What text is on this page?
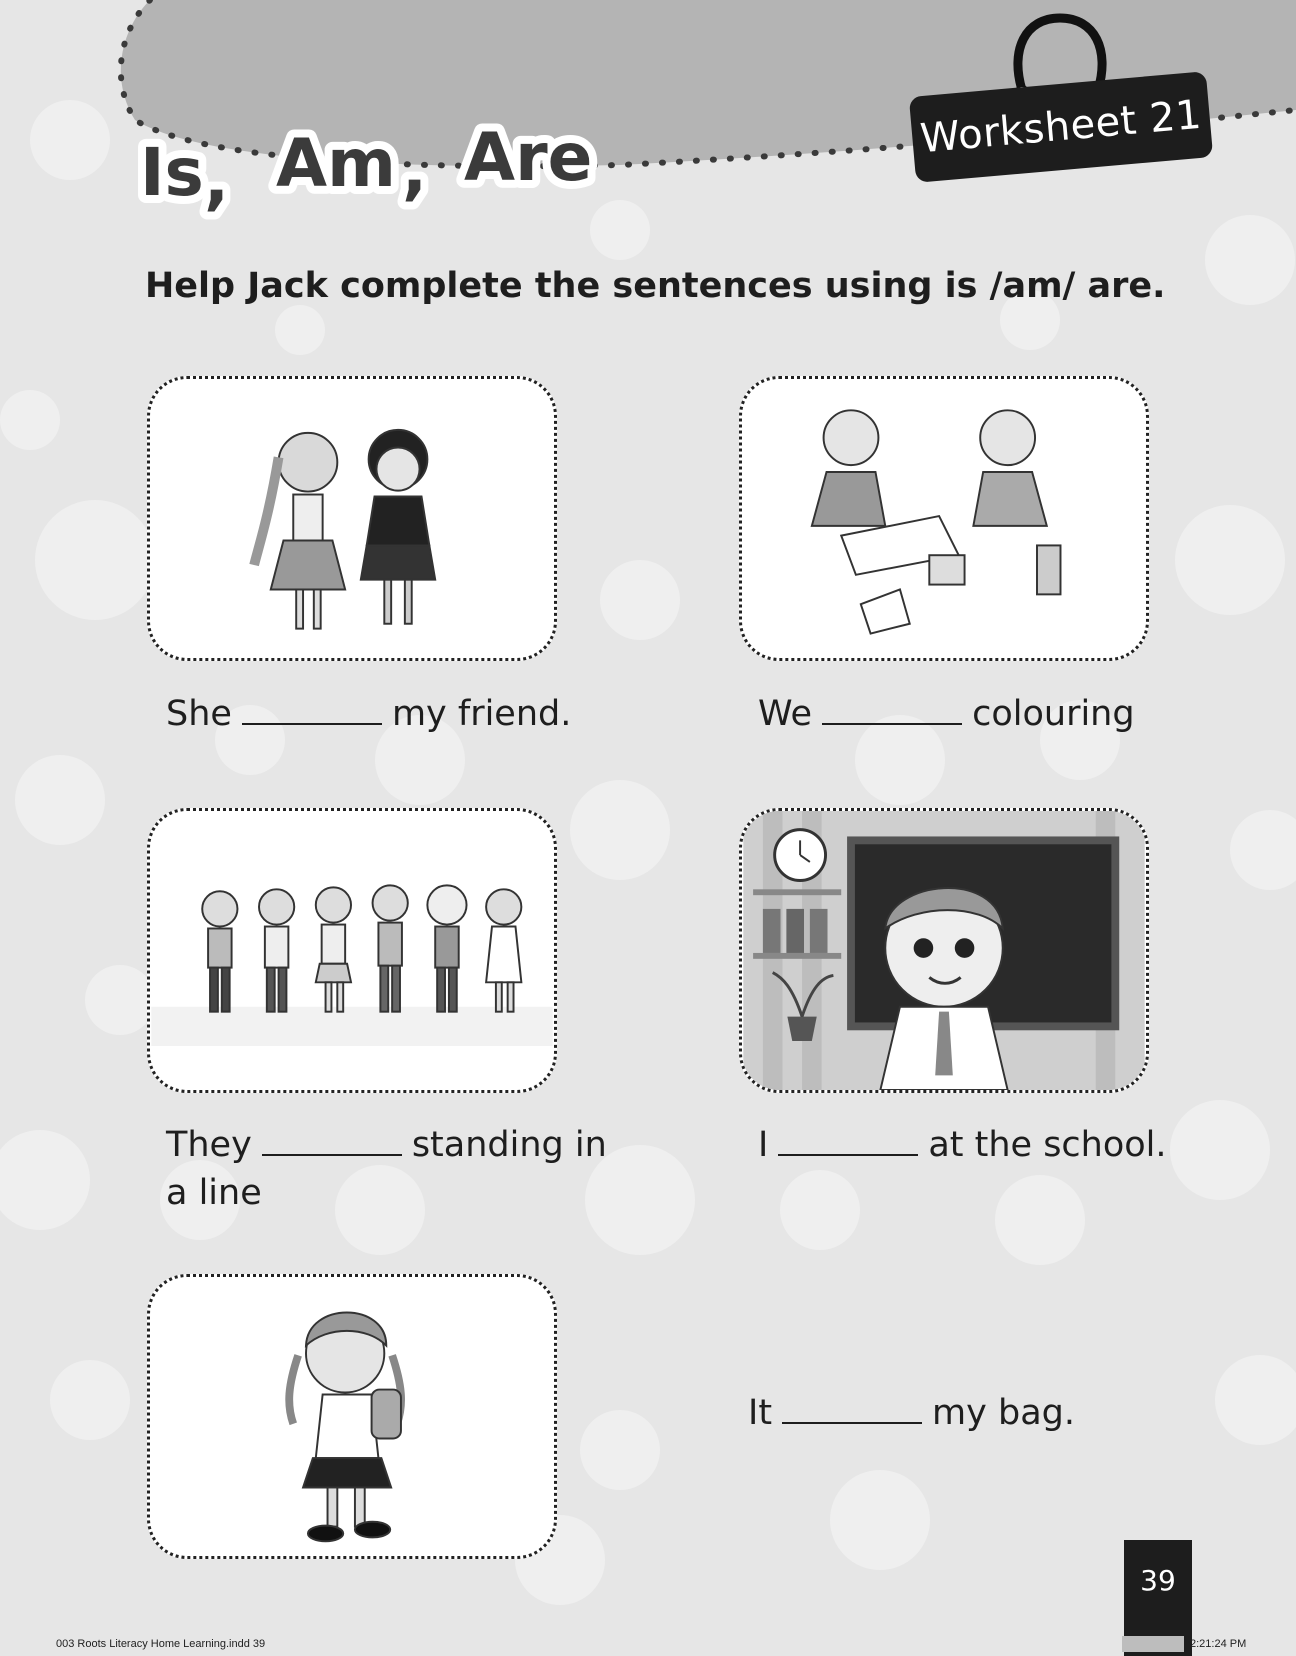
Is , Am , Are	Worksheet 21
Help Jack complete the sentences using is /am/ are.
She	my friend.	We	colouring
They	standing in
a line
I	at the school.
It	my bag.
39
003 Roots Literacy Home Learning.indd 39	2:21:24 PM
